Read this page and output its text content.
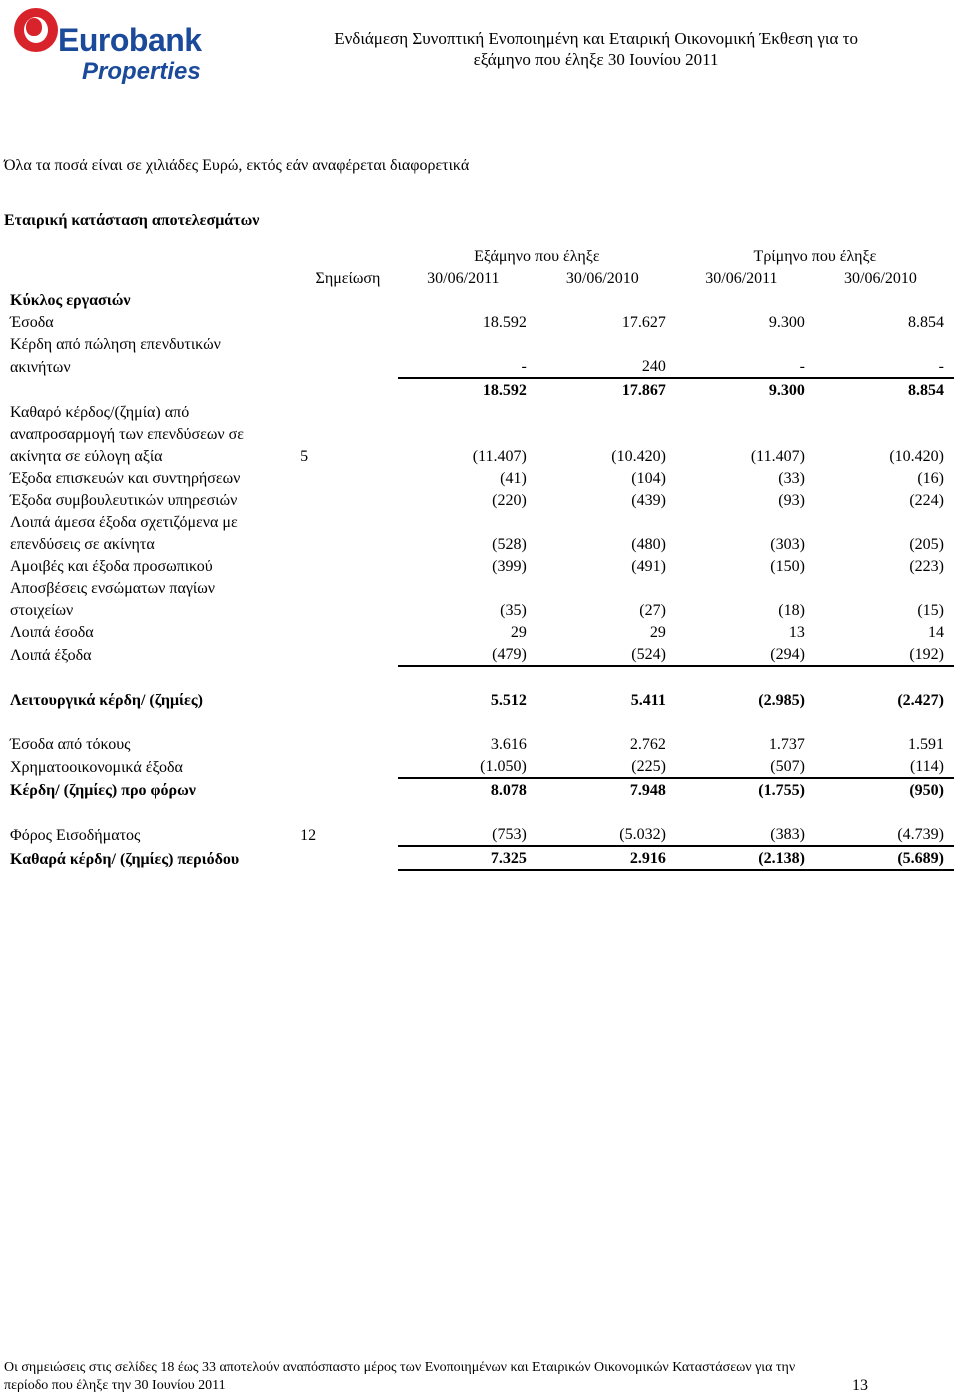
Eurobank
Properties
Ενδιάμεση Συνοπτική Ενοποιημένη και Εταιρική Οικονομική Έκθεση για το
εξάμηνο που έληξε 30 Ιουνίου 2011
Όλα τα ποσά είναι σε χιλιάδες Ευρώ, εκτός εάν αναφέρεται διαφορετικά
Εταιρική κατάσταση αποτελεσμάτων
		Εξάμηνο που έληξε		Τρίμηνο που έληξε	
	Σημείωση	30/06/2011	30/06/2010	30/06/2011	30/06/2010
Κύκλος εργασιών					
Έσοδα		18.592	17.627	9.300	8.854
Κέρδη από πώληση επενδυτικών					
ακινήτων		-	240	-	-
		18.592	17.867	9.300	8.854
Καθαρό κέρδος/(ζημία) από					
αναπροσαρμογή των επενδύσεων σε					
ακίνητα σε εύλογη αξία	5	(11.407)	(10.420)	(11.407)	(10.420)
Έξοδα επισκευών και συντηρήσεων		(41)	(104)	(33)	(16)
Έξοδα συμβουλευτικών υπηρεσιών		(220)	(439)	(93)	(224)
Λοιπά άμεσα έξοδα σχετιζόμενα με					
επενδύσεις σε ακίνητα		(528)	(480)	(303)	(205)
Αμοιβές και έξοδα προσωπικού		(399)	(491)	(150)	(223)
Αποσβέσεις ενσώματων παγίων					
στοιχείων		(35)	(27)	(18)	(15)
Λοιπά έσοδα		29	29	13	14
Λοιπά έξοδα		(479)	(524)	(294)	(192)

Λειτουργικά κέρδη/ (ζημίες)		5.512	5.411	(2.985)	(2.427)

Έσοδα από τόκους		3.616	2.762	1.737	1.591
Χρηματοοικονομικά έξοδα		(1.050)	(225)	(507)	(114)
Κέρδη/ (ζημίες) προ φόρων		8.078	7.948	(1.755)	(950)

Φόρος Εισοδήματος	12	(753)	(5.032)	(383)	(4.739)
Καθαρά κέρδη/ (ζημίες) περιόδου		7.325	2.916	(2.138)	(5.689)
Οι σημειώσεις στις σελίδες 18 έως 33 αποτελούν αναπόσπαστο μέρος των Ενοποιημένων και Εταιρικών Οικονομικών Καταστάσεων για την
περίοδο που έληξε την 30 Ιουνίου 2011	13
